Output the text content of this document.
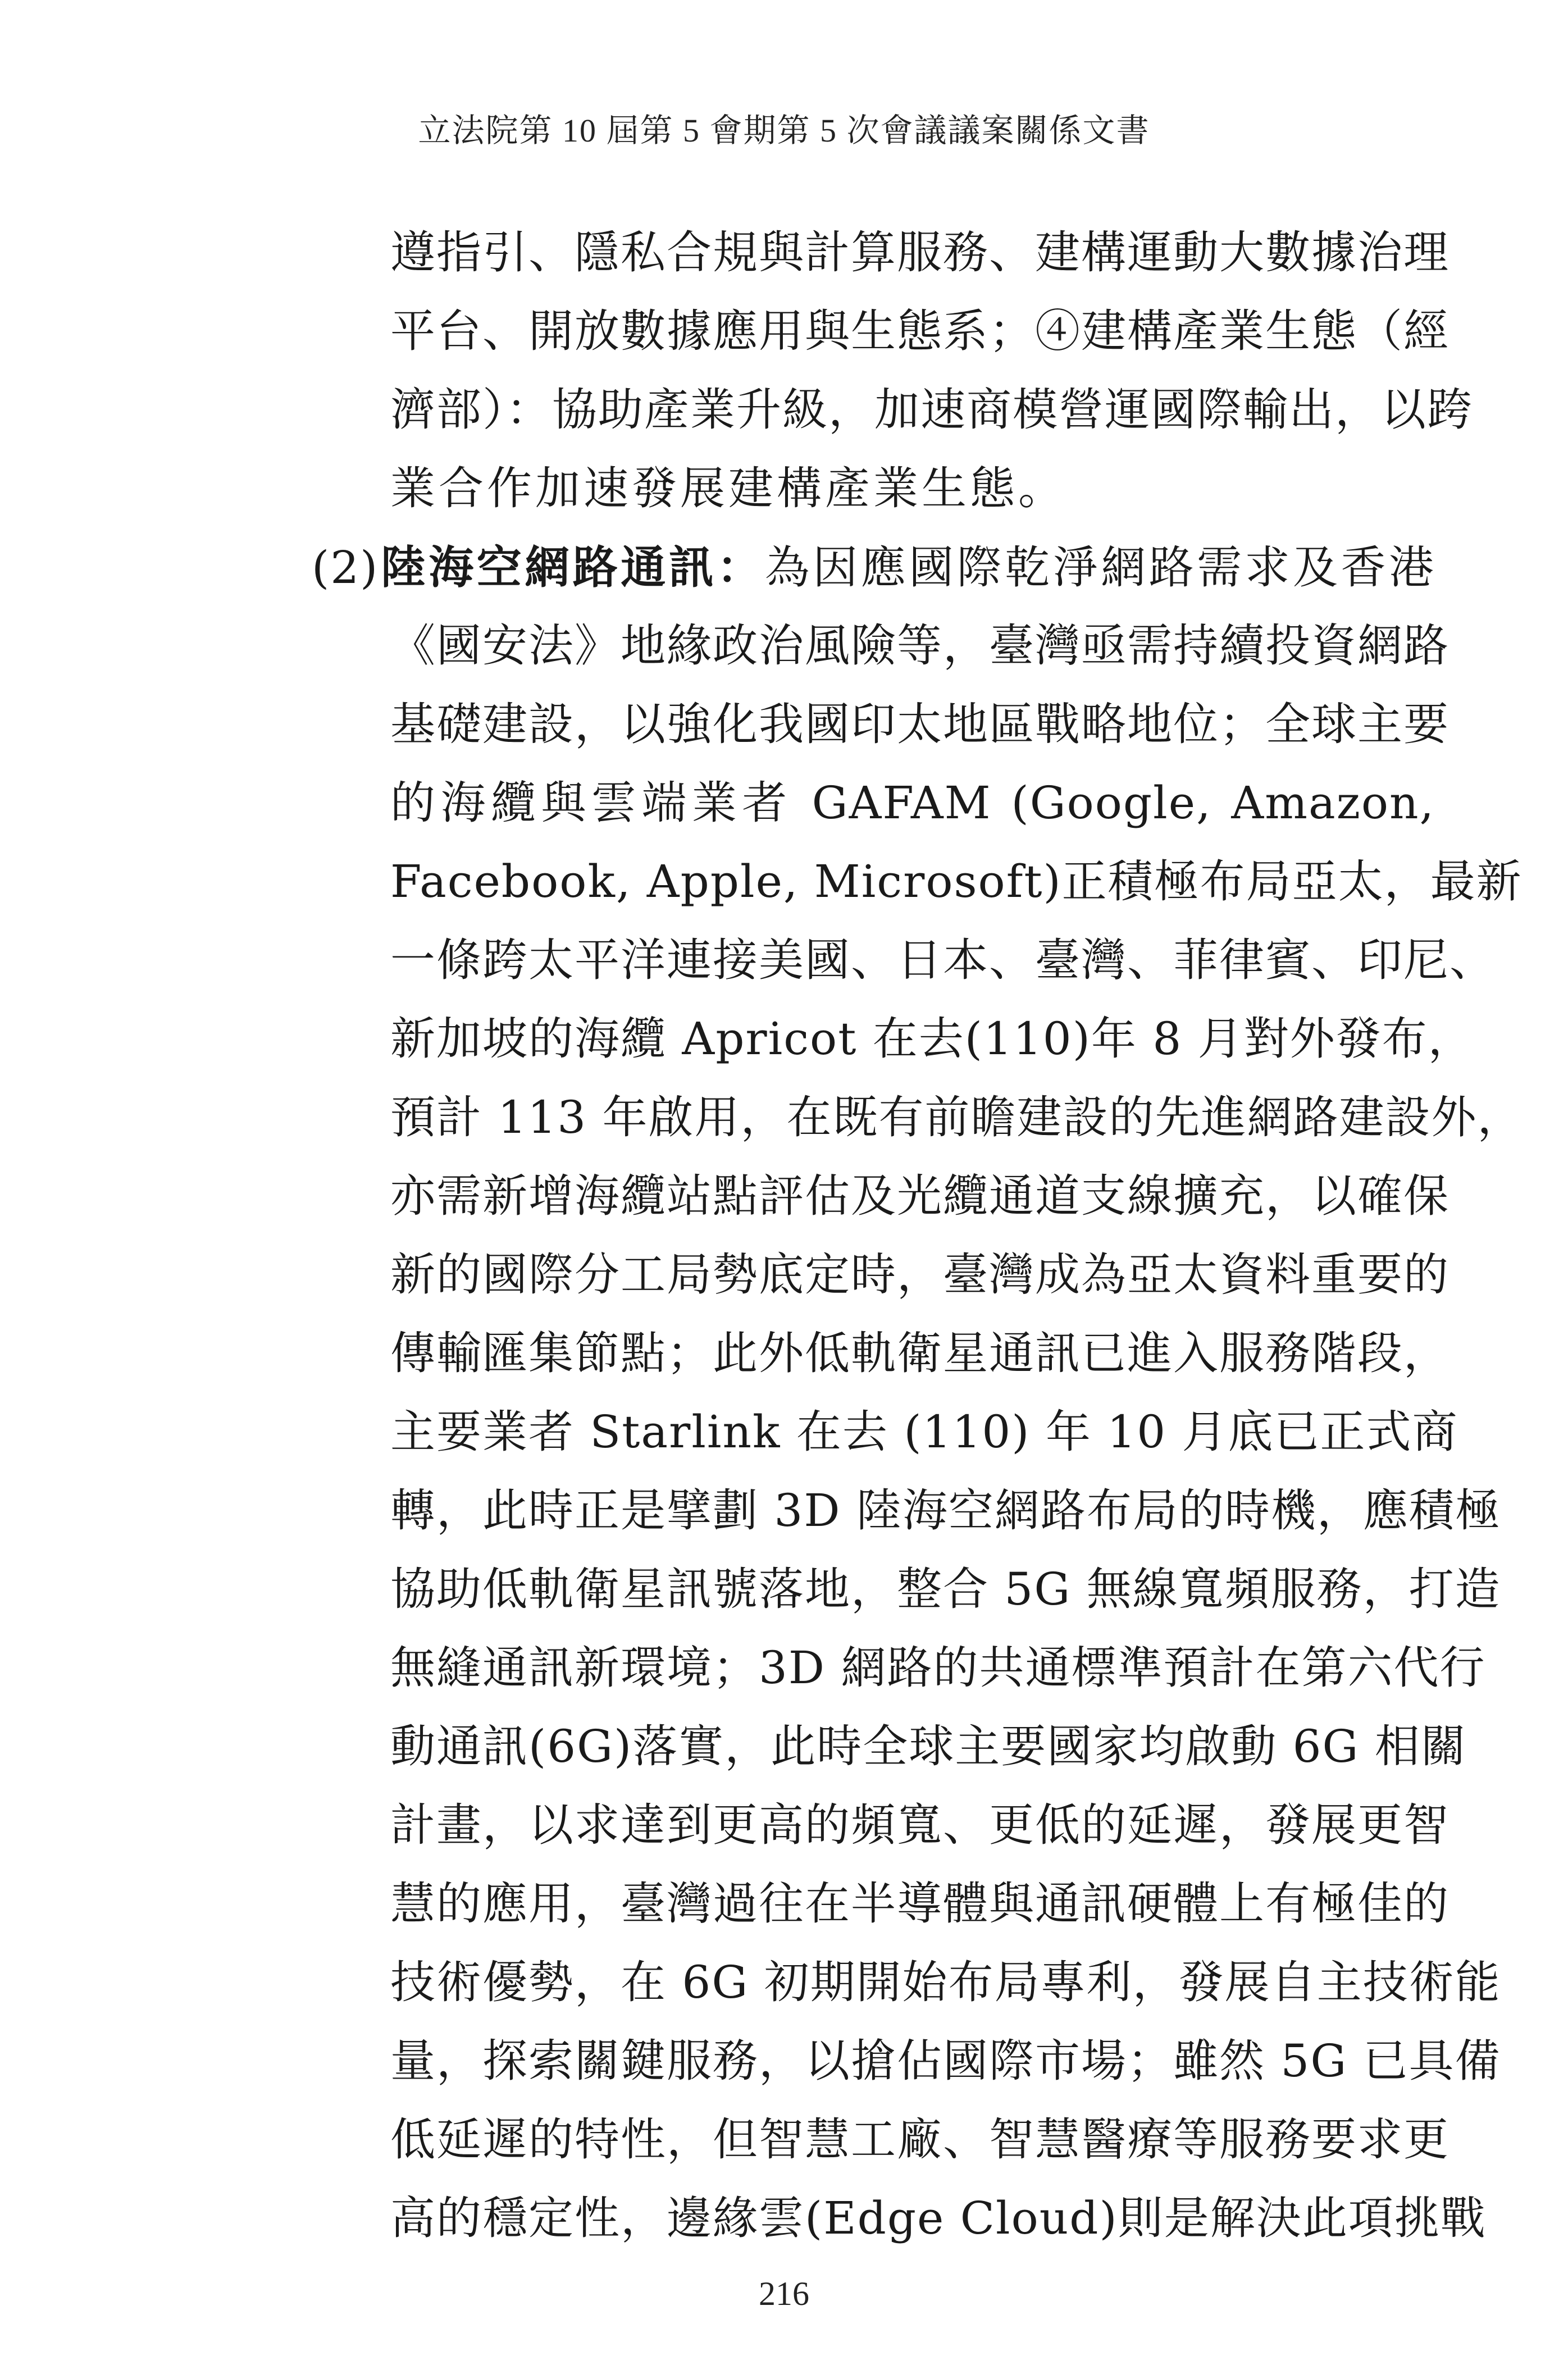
立法院第 10 屆第 5 會期第 5 次會議議案關係文書
遵指引、隱私合規與計算服務、建構運動大數據治理
平台、開放數據應用與生態系；④建構產業生態（經
濟部）：協助產業升級，加速商模營運國際輸出，以跨
業合作加速發展建構產業生態。
(2)陸海空網路通訊：為因應國際乾淨網路需求及香港
《國安法》地緣政治風險等，臺灣亟需持續投資網路
基礎建設，以強化我國印太地區戰略地位；全球主要
的海纜與雲端業者 GAFAM (Google, Amazon,
Facebook, Apple, Microsoft)正積極布局亞太，最新
一條跨太平洋連接美國、日本、臺灣、菲律賓、印尼、
新加坡的海纜 Apricot 在去(110)年 8 月對外發布，
預計 113 年啟用，在既有前瞻建設的先進網路建設外，
亦需新增海纜站點評估及光纜通道支線擴充，以確保
新的國際分工局勢底定時，臺灣成為亞太資料重要的
傳輸匯集節點；此外低軌衛星通訊已進入服務階段，
主要業者 Starlink 在去 (110) 年 10 月底已正式商
轉，此時正是擘劃 3D 陸海空網路布局的時機，應積極
協助低軌衛星訊號落地，整合 5G 無線寬頻服務，打造
無縫通訊新環境；3D 網路的共通標準預計在第六代行
動通訊(6G)落實，此時全球主要國家均啟動 6G 相關
計畫，以求達到更高的頻寬、更低的延遲，發展更智
慧的應用，臺灣過往在半導體與通訊硬體上有極佳的
技術優勢，在 6G 初期開始布局專利，發展自主技術能
量，探索關鍵服務，以搶佔國際市場；雖然 5G 已具備
低延遲的特性，但智慧工廠、智慧醫療等服務要求更
高的穩定性，邊緣雲(Edge Cloud)則是解決此項挑戰
216
